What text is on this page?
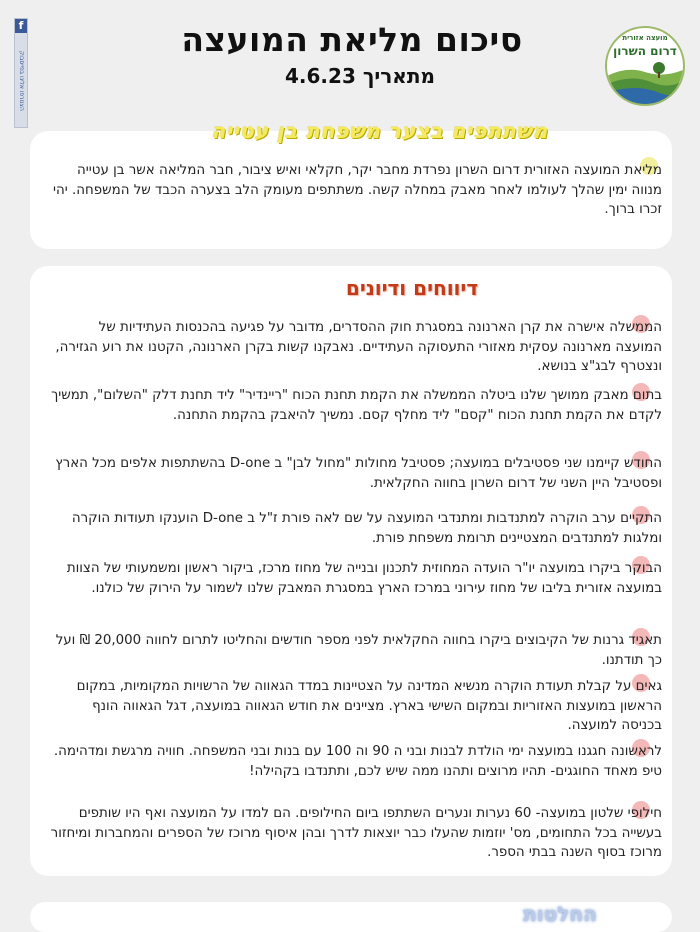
f
הצטרפו אלינו בפייסבוק
מועצה אזורית
דרום השרון
סיכום מליאת המועצה
מתאריך 4.6.23
משתתפים בצער משפחת בן עטייה
מליאת המועצה האזורית דרום השרון נפרדת מחבר יקר, חקלאי ואיש ציבור, חבר המליאה אשר בן עטייה מנווה ימין שהלך לעולמו לאחר מאבק במחלה קשה. משתתפים מעומק הלב בצערה הכבד של המשפחה. יהי זכרו ברוך.
דיווחים ודיונים
הממשלה אישרה את קרן הארנונה במסגרת חוק ההסדרים, מדובר על פגיעה בהכנסות העתידיות של המועצה מארנונה עסקית מאזורי התעסוקה העתידיים. נאבקנו קשות בקרן הארנונה, הקטנו את רוע הגזירה, ונצטרף לבג"צ בנושא.
בתום מאבק ממושך שלנו ביטלה הממשלה את הקמת תחנת הכוח "ריינדיר" ליד תחנת דלק "השלום", תמשיך לקדם את הקמת תחנת הכוח "קסם" ליד מחלף קסם. נמשיך להיאבק בהקמת התחנה.
החודש קיימנו שני פסטיבלים במועצה; פסטיבל מחולות "מחול לבן" ב D-one בהשתתפות אלפים מכל הארץ ופסטיבל היין השני של דרום השרון בחווה החקלאית.
התקיים ערב הוקרה למתנדבות ומתנדבי המועצה על שם לאה פורת ז"ל ב D-one הוענקו תעודות הוקרה ומלגות למתנדבים המצטיינים תרומת משפחת פורת.
הבוקר ביקרו במועצה יו"ר הועדה המחוזית לתכנון ובנייה של מחוז מרכז, ביקור ראשון ומשמעותי של הצוות במועצה אזורית בליבו של מחוז עירוני במרכז הארץ במסגרת המאבק שלנו לשמור על הירוק של כולנו.
תאגיד גרנות של הקיבוצים ביקרו בחווה החקלאית לפני מספר חודשים והחליטו לתרום לחווה 20,000 ₪ ועל כך תודתנו.
גאים על קבלת תעודת הוקרה מנשיא המדינה על הצטיינות במדד הגאווה של הרשויות המקומיות, במקום הראשון במועצות האזוריות ובמקום השישי בארץ. מציינים את חודש הגאווה במועצה, דגל הגאווה הונף בכניסה למועצה.
לראשונה חגגנו במועצה ימי הולדת לבנות ובני ה 90 וה 100 עם בנות ובני המשפחה. חוויה מרגשת ומדהימה. טיפ מאחד החוגגים- תהיו מרוצים ותהנו ממה שיש לכם, ותתנדבו בקהילה!
חילופי שלטון במועצה- 60 נערות ונערים השתתפו ביום החילופים. הם למדו על המועצה ואף היו שותפים בעשייה בכל התחומים, מס' יוזמות שהעלו כבר יוצאות לדרך ובהן איסוף מרוכז של הספרים והמחברות ומיחזור מרוכז בסוף השנה בבתי הספר.
החלטות
